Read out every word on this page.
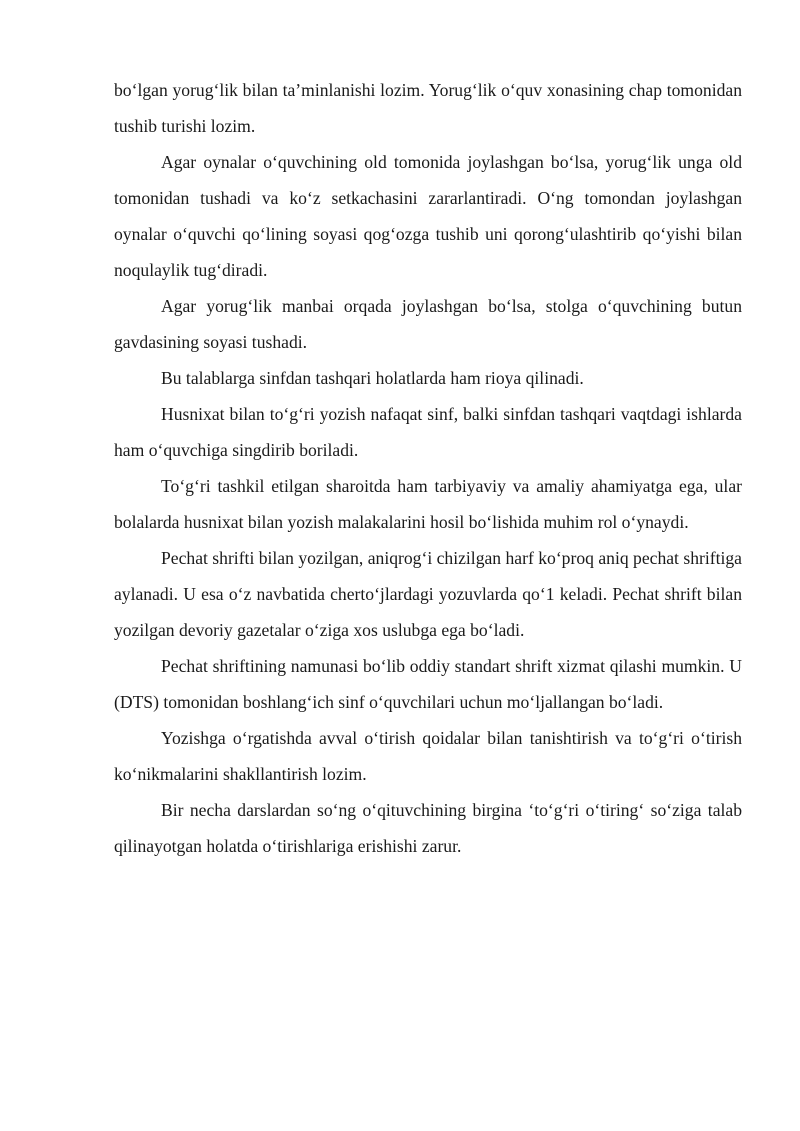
bo‘lgan yorug‘lik bilan ta’minlanishi lozim. Yorug‘lik o‘quv xonasining chap tomonidan tushib turishi lozim.

Agar oynalar o‘quvchining old tomonida joylashgan bo‘lsa, yorug‘lik unga old tomonidan tushadi va ko‘z setkachasini zararlantiradi. O‘ng tomondan joylashgan oynalar o‘quvchi qo‘lining soyasi qog‘ozga tushib uni qorong‘ulashtirib qo‘yishi bilan noqulaylik tug‘diradi.

Agar yorug‘lik manbai orqada joylashgan bo‘lsa, stolga o‘quvchining butun gavdasining soyasi tushadi.

Bu talablarga sinfdan tashqari holatlarda ham rioya qilinadi.

Husnixat bilan to‘g‘ri yozish nafaqat sinf, balki sinfdan tashqari vaqtdagi ishlarda ham o‘quvchiga singdirib boriladi.

To‘g‘ri tashkil etilgan sharoitda ham tarbiyaviy va amaliy ahamiyatga ega, ular bolalarda husnixat bilan yozish malakalarini hosil bo‘lishida muhim rol o‘ynaydi.

Pechat shrifti bilan yozilgan, aniqrog‘i chizilgan harf ko‘proq aniq pechat shriftiga aylanadi. U esa o‘z navbatida cherto‘jlardagi yozuvlarda qo‘1 keladi. Pechat shrift bilan yozilgan devoriy gazetalar o‘ziga xos uslubga ega bo‘ladi.

Pechat shriftining namunasi bo‘lib oddiy standart shrift xizmat qilashi mumkin. U (DTS) tomonidan boshlang‘ich sinf o‘quvchilari uchun mo‘ljallangan bo‘ladi.

Yozishga o‘rgatishda avval o‘tirish qoidalar bilan tanishtirish va to‘g‘ri o‘tirish ko‘nikmalarini shakllantirish lozim.

Bir necha darslardan so‘ng o‘qituvchining birgina ‘to‘g‘ri o‘tiring‘ so‘ziga talab qilinayotgan holatda o‘tirishlariga erishishi zarur.
